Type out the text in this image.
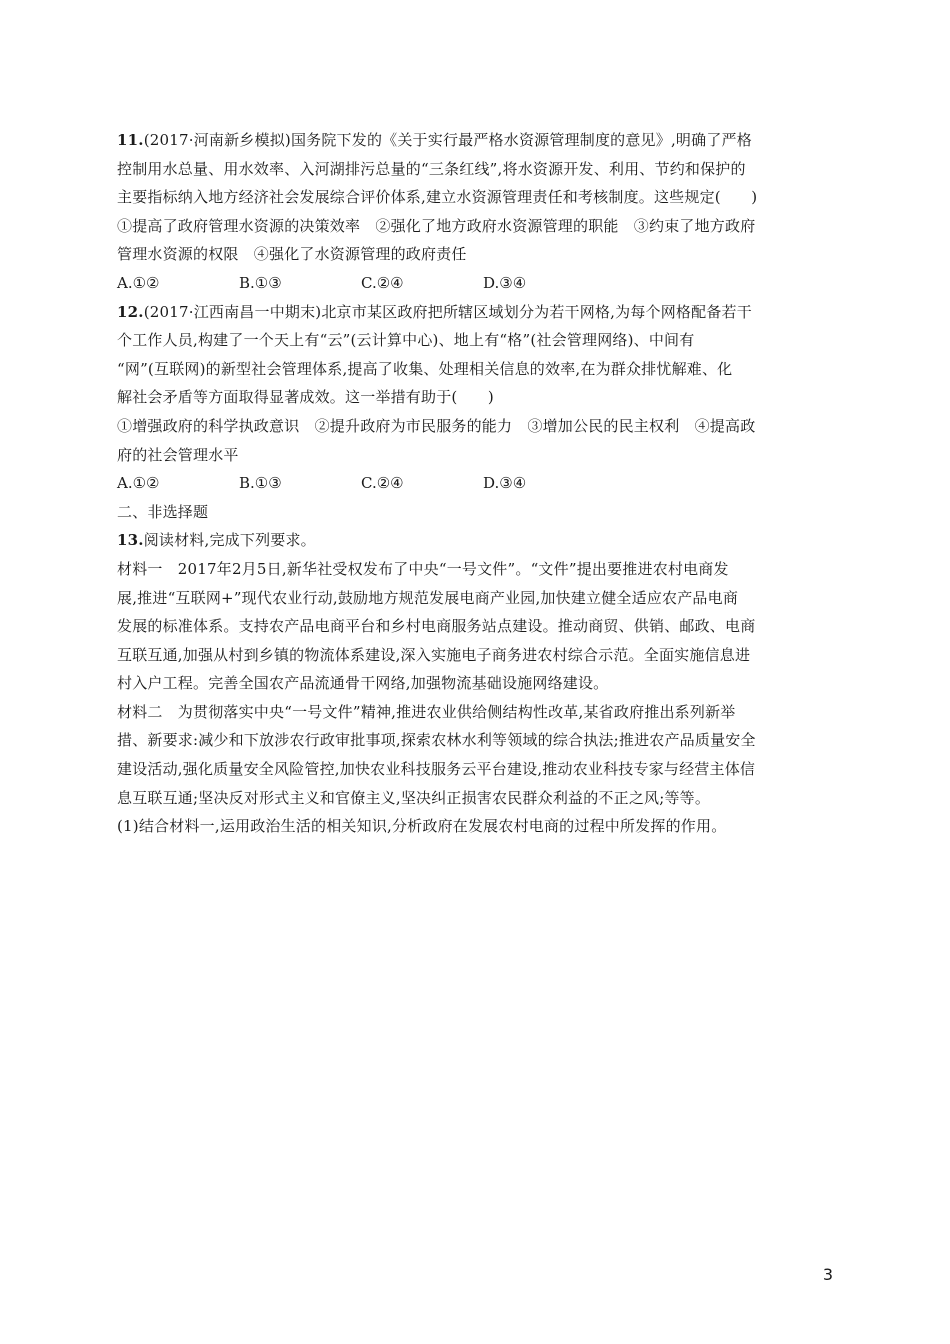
11.(2017·河南新乡模拟)国务院下发的《关于实行最严格水资源管理制度的意见》,明确了严格
控制用水总量、用水效率、入河湖排污总量的“三条红线”,将水资源开发、利用、节约和保护的
主要指标纳入地方经济社会发展综合评价体系,建立水资源管理责任和考核制度。这些规定(　　)
①提高了政府管理水资源的决策效率　②强化了地方政府水资源管理的职能　③约束了地方政府
管理水资源的权限　④强化了水资源管理的政府责任
A.①②	B.①③	C.②④	D.③④
12.(2017·江西南昌一中期末)北京市某区政府把所辖区域划分为若干网格,为每个网格配备若干
个工作人员,构建了一个天上有“云”(云计算中心)、地上有“格”(社会管理网络)、中间有
“网”(互联网)的新型社会管理体系,提高了收集、处理相关信息的效率,在为群众排忧解难、化
解社会矛盾等方面取得显著成效。这一举措有助于(　　)
①增强政府的科学执政意识　②提升政府为市民服务的能力　③增加公民的民主权利　④提高政
府的社会管理水平
A.①②	B.①③	C.②④	D.③④
二、非选择题
13.阅读材料,完成下列要求。
材料一　2017年2月5日,新华社受权发布了中央“一号文件”。“文件”提出要推进农村电商发
展,推进“互联网+”现代农业行动,鼓励地方规范发展电商产业园,加快建立健全适应农产品电商
发展的标准体系。支持农产品电商平台和乡村电商服务站点建设。推动商贸、供销、邮政、电商
互联互通,加强从村到乡镇的物流体系建设,深入实施电子商务进农村综合示范。全面实施信息进
村入户工程。完善全国农产品流通骨干网络,加强物流基础设施网络建设。
材料二　为贯彻落实中央“一号文件”精神,推进农业供给侧结构性改革,某省政府推出系列新举
措、新要求:减少和下放涉农行政审批事项,探索农林水利等领域的综合执法;推进农产品质量安全
建设活动,强化质量安全风险管控,加快农业科技服务云平台建设,推动农业科技专家与经营主体信
息互联互通;坚决反对形式主义和官僚主义,坚决纠正损害农民群众利益的不正之风;等等。
(1)结合材料一,运用政治生活的相关知识,分析政府在发展农村电商的过程中所发挥的作用。
3
